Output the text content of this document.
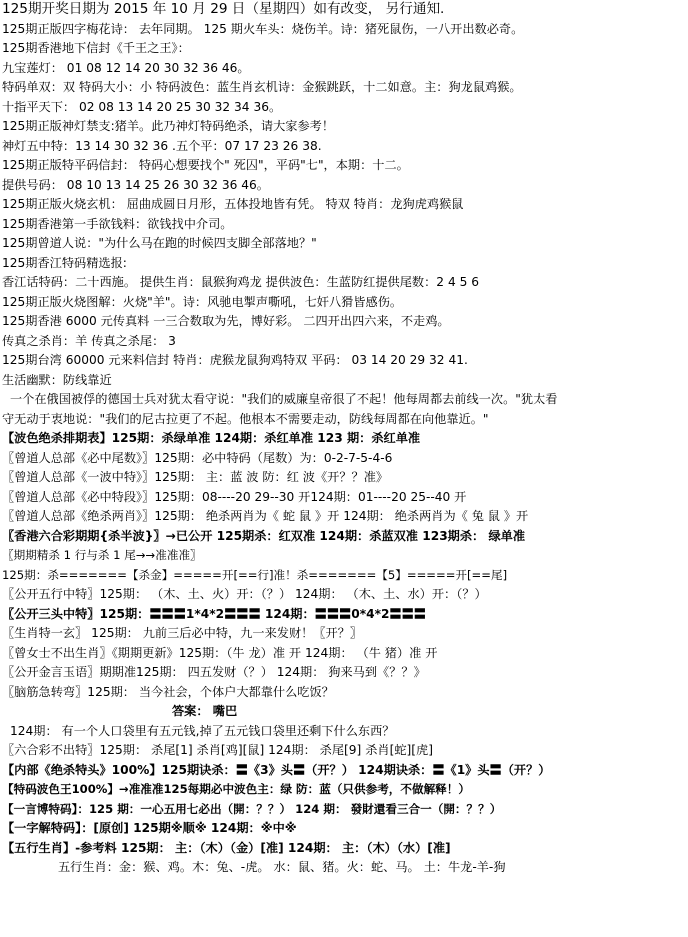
125期开奖日期为 2015 年 10 月 29 日（星期四）如有改变， 另行通知.
125期正版四字梅花诗： 去年同期。 125 期火车头：烧伤羊。诗：猪死鼠伤，一八开出数必奇。
125期香港地下信封《千王之王》：
九宝莲灯： 01 08 12 14 20 30 32 36 46。
特码单双：双 特码大小：小 特码波色：蓝生肖玄机诗：金猴跳跃，十二如意。主：狗龙鼠鸡猴。
十指平天下： 02 08 13 14 20 25 30 32 34 36。
125期正版神灯禁支:猪羊。此乃神灯特码绝杀，请大家参考！
神灯五中特：13 14 30 32 36 .五个平：07 17 23 26 38.
125期正版特平码信封： 特码心想要找个" 死囚"，平码"七"，本期：十二。
提供号码： 08 10 13 14 25 26 30 32 36 46。
125期正版火烧玄机： 屈曲成圆日月形，五体投地皆有凭。 特双 特肖：龙狗虎鸡猴鼠
125期香港第一手欲钱料：欲钱找中介司。
125期曾道人说："为什么马在跑的时候四支脚全部落地？"
125期香江特码精选报:
香江话特码：二十西施。 提供生肖：鼠猴狗鸡龙 提供波色：生蓝防红提供尾数：2 4 5 6
125期正版火烧图解：火烧"羊"。诗：风驰电掣声嘶吼，七奸八猾皆感伤。
125期香港 6000 元传真料 一三合数取为先，博好彩。 二四开出四六来，不走鸡。
传真之杀肖：羊 传真之杀尾： 3
125期台湾 60000 元来料信封 特肖：虎猴龙鼠狗鸡特双 平码： 03 14 20 29 32 41.
生活幽默：防线靠近
一个在俄国被俘的德国士兵对犹太看守说："我们的威廉皇帝很了不起！他每周都去前线一次。"犹太看
守无动于衷地说："我们的尼古拉更了不起。他根本不需要走动，防线每周都在向他靠近。"
【波色绝杀排期表】125期：杀绿单准 124期：杀红单准 123 期：杀红单准
〖曾道人总部《必中尾数》〗125期：必中特码（尾数）为：0-2-7-5-4-6
〖曾道人总部《一波中特》〗125期： 主：蓝 波 防：红 波《开？？准》
〖曾道人总部《必中特段》〗125期：08----20 29--30 开124期：01----20 25--40 开
〖曾道人总部《绝杀两肖》〗125期： 绝杀两肖为《 蛇 鼠 》开 124期： 绝杀两肖为《 兔 鼠 》开
〖香港六合彩期期{杀半波}〗→已公开 125期杀：红双准 124期：杀蓝双准 123期杀： 绿单准
〖期期精杀 1 行与杀 1 尾→→准准准〗
125期：杀=======【杀金】=====开[==行]准！杀=======【5】=====开[==尾]
〖公开五行中特〗125期： （木、土、火）开：（？） 124期： （木、土、水）开：（？）
〖公开三头中特〗125期：〓〓〓1*4*2〓〓〓 124期：〓〓〓0*4*2〓〓〓
〖生肖特一玄〗 125期： 九前三后必中特，九一来发财！〖开？〗
〖曾女士不出生肖〗《期期更新》125期：（牛 龙）准 开 124期： （牛 猪）准 开
〖公开金言玉语〗期期准125期： 四五发财（？） 124期： 狗来马到《？？》
〖脑筋急转弯〗125期： 当今社会，个体户大都靠什么吃饭？
答案： 嘴巴
124期： 有一个人口袋里有五元钱,掉了五元钱口袋里还剩下什么东西？
〖六合彩不出特〗125期： 杀尾[1] 杀肖[鸡][鼠] 124期： 杀尾[9] 杀肖[蛇][虎]
【内部《绝杀特头》100%】125期诀杀：〓《3》头〓（开？） 124期诀杀：〓《1》头〓（开？）
【特码波色王100%】→准准准125每期必中波色主：绿 防：蓝（只供参考，不做解释！）
【一言博特码】：125 期：一心五用七必出（開：？？） 124 期： 發財還看三合一（開：？？）
【一字解特码】：[原创] 125期※顺※ 124期：※中※
【五行生肖】-参考料 125期： 主：（木）（金）[准] 124期： 主：（木）（水）[准]
五行生肖：金：猴、鸡。木：兔、-虎。 水：鼠、猪。火：蛇、马。 土：牛龙-羊-狗
